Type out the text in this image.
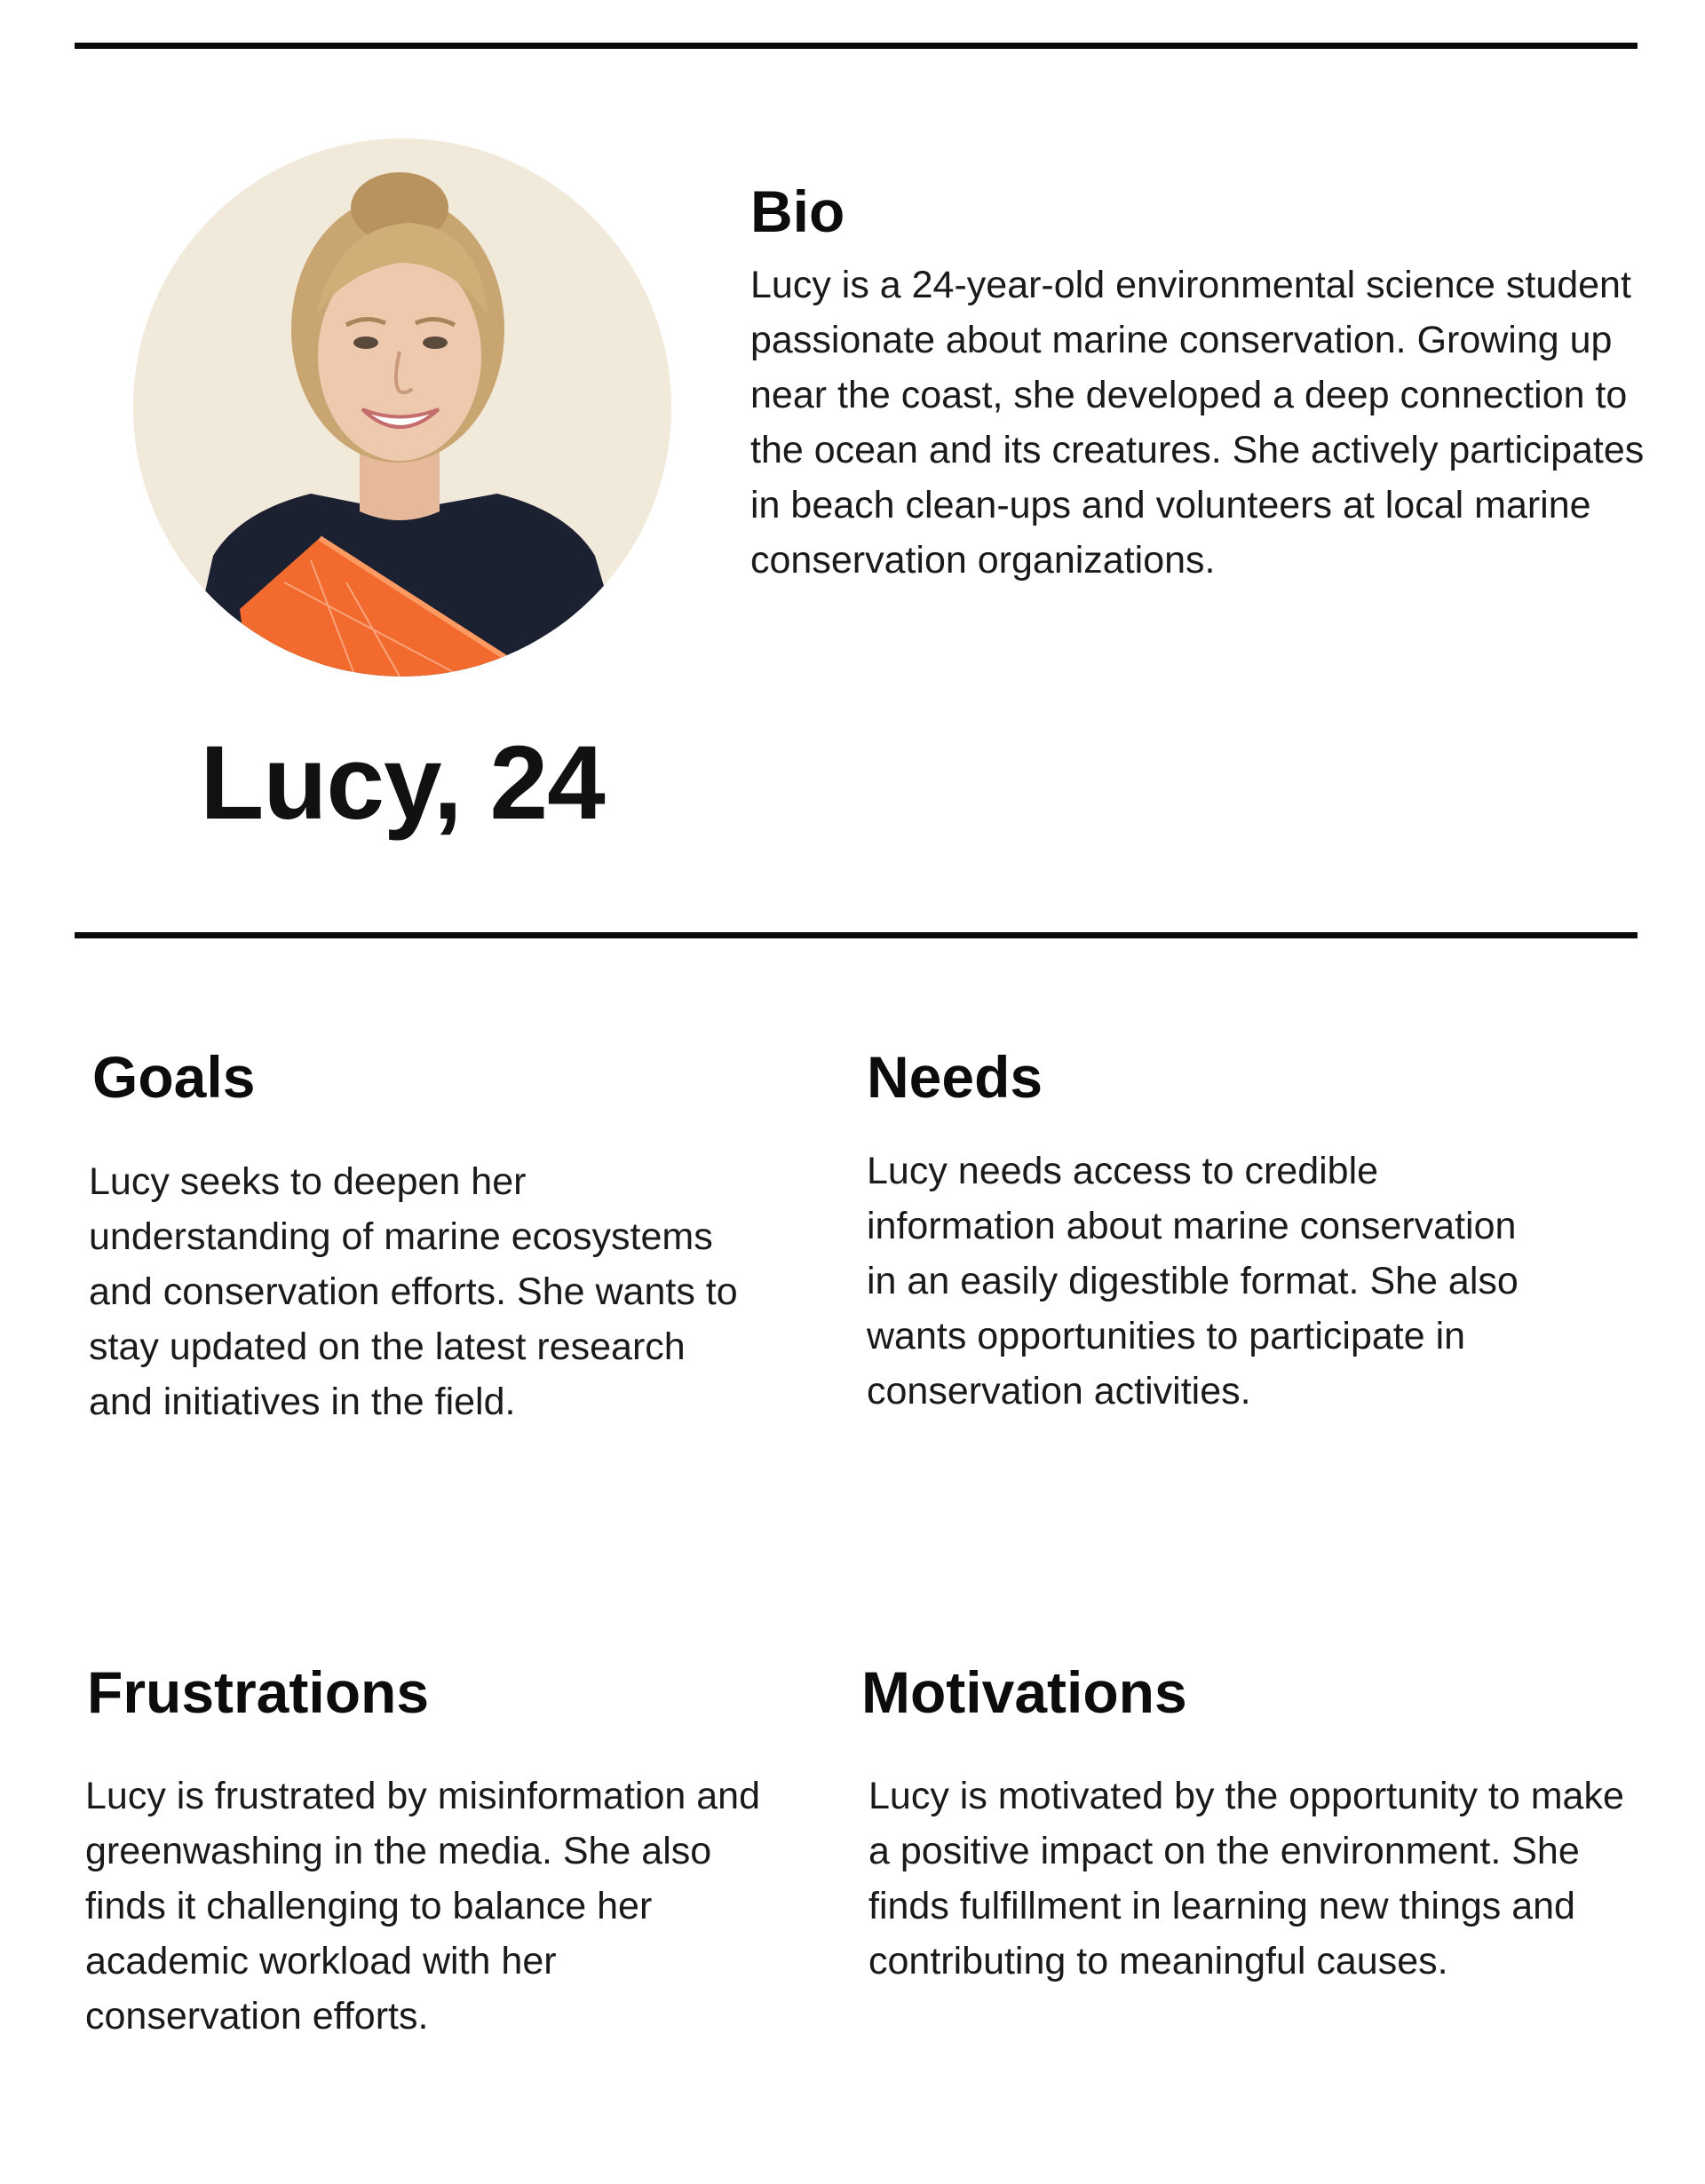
Lucy, 24
Bio

Lucy is a 24-year-old environmental science student passionate about marine conservation. Growing up near the coast, she developed a deep connection to the ocean and its creatures. She actively participates in beach clean-ups and volunteers at local marine conservation organizations.

Goals

Lucy seeks to deepen her understanding of marine ecosystems and conservation efforts. She wants to stay updated on the latest research and initiatives in the field.

Needs

Lucy needs access to credible information about marine conservation in an easily digestible format. She also wants opportunities to participate in conservation activities.

Frustrations

Lucy is frustrated by misinformation and greenwashing in the media. She also finds it challenging to balance her academic workload with her conservation efforts.

Motivations

Lucy is motivated by the opportunity to make a positive impact on the environment. She finds fulfillment in learning new things and contributing to meaningful causes.
